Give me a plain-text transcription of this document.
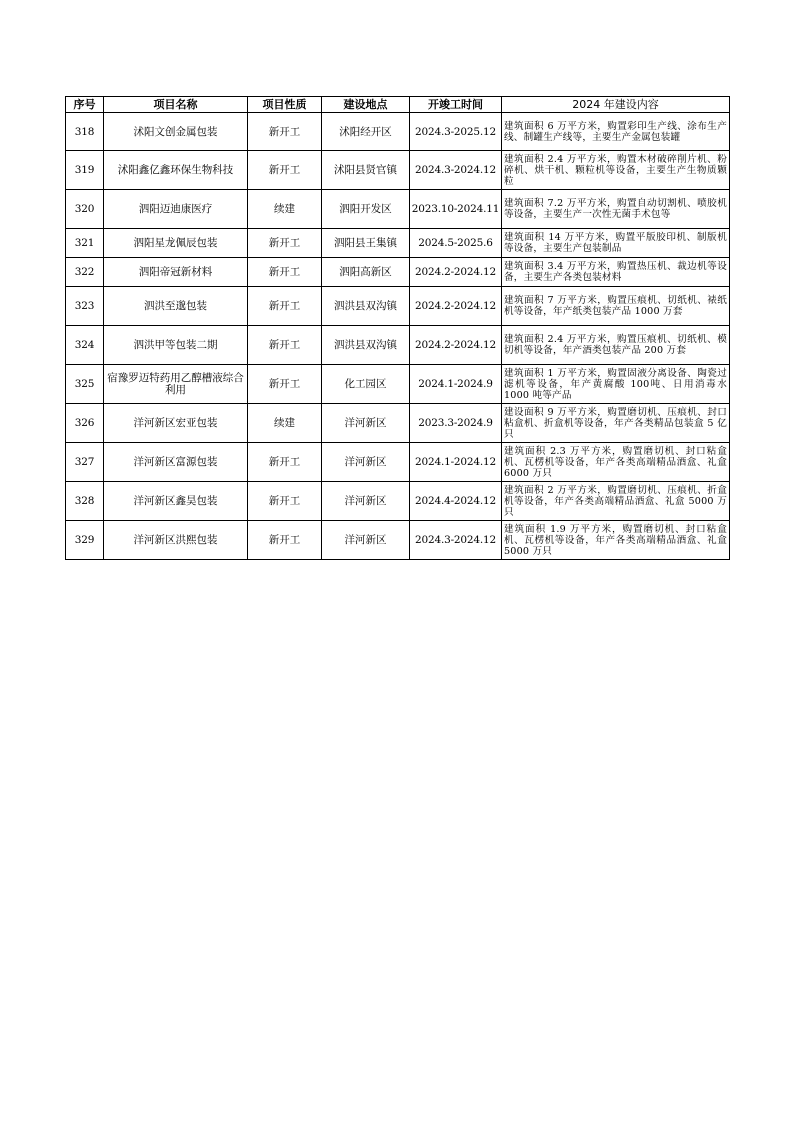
序号	项目名称	项目性质	建设地点	开竣工时间	2024 年建设内容
318	沭阳文创金属包装	新开工	沭阳经开区	2024.3-2025.12	建筑面积 6 万平方米，购置彩印生产线、涂布生产线、制罐生产线等，主要生产金属包装罐
319	沭阳鑫亿鑫环保生物科技	新开工	沭阳县贤官镇	2024.3-2024.12	建筑面积 2.4 万平方米，购置木材破碎削片机、粉碎机、烘干机、颗粒机等设备，主要生产生物质颗粒
320	泗阳迈迪康医疗	续建	泗阳开发区	2023.10-2024.11	建筑面积 7.2 万平方米，购置自动切割机、喷胶机等设备，主要生产一次性无菌手术包等
321	泗阳星龙佩辰包装	新开工	泗阳县王集镇	2024.5-2025.6	建筑面积 14 万平方米，购置平版胶印机、制版机等设备，主要生产包装制品
322	泗阳帝冠新材料	新开工	泗阳高新区	2024.2-2024.12	建筑面积 3.4 万平方米，购置热压机、裁边机等设备，主要生产各类包装材料
323	泗洪至邈包装	新开工	泗洪县双沟镇	2024.2-2024.12	建筑面积 7 万平方米，购置压痕机、切纸机、裱纸机等设备，年产纸类包装产品 1000 万套
324	泗洪甲等包装二期	新开工	泗洪县双沟镇	2024.2-2024.12	建筑面积 2.4 万平方米，购置压痕机、切纸机、模切机等设备，年产酒类包装产品 200 万套
325	宿豫罗迈特药用乙醇槽液综合利用	新开工	化工园区	2024.1-2024.9	建筑面积 1 万平方米，购置固液分离设备、陶瓷过滤机等设备，年产黄腐酸 100吨、日用消毒水 1000 吨等产品
326	洋河新区宏亚包装	续建	洋河新区	2023.3-2024.9	建设面积 9 万平方米，购置磨切机、压痕机、封口粘盒机、折盒机等设备，年产各类精品包装盒 5 亿只
327	洋河新区富源包装	新开工	洋河新区	2024.1-2024.12	建筑面积 2.3 万平方米，购置磨切机、封口粘盒机、瓦楞机等设备，年产各类高端精品酒盒、礼盒 6000 万只
328	洋河新区鑫昊包装	新开工	洋河新区	2024.4-2024.12	建筑面积 2 万平方米，购置磨切机、压痕机、折盒机等设备，年产各类高端精品酒盒、礼盒 5000 万只
329	洋河新区洪熙包装	新开工	洋河新区	2024.3-2024.12	建筑面积 1.9 万平方米，购置磨切机、封口粘盒机、瓦楞机等设备，年产各类高端精品酒盒、礼盒 5000 万只
